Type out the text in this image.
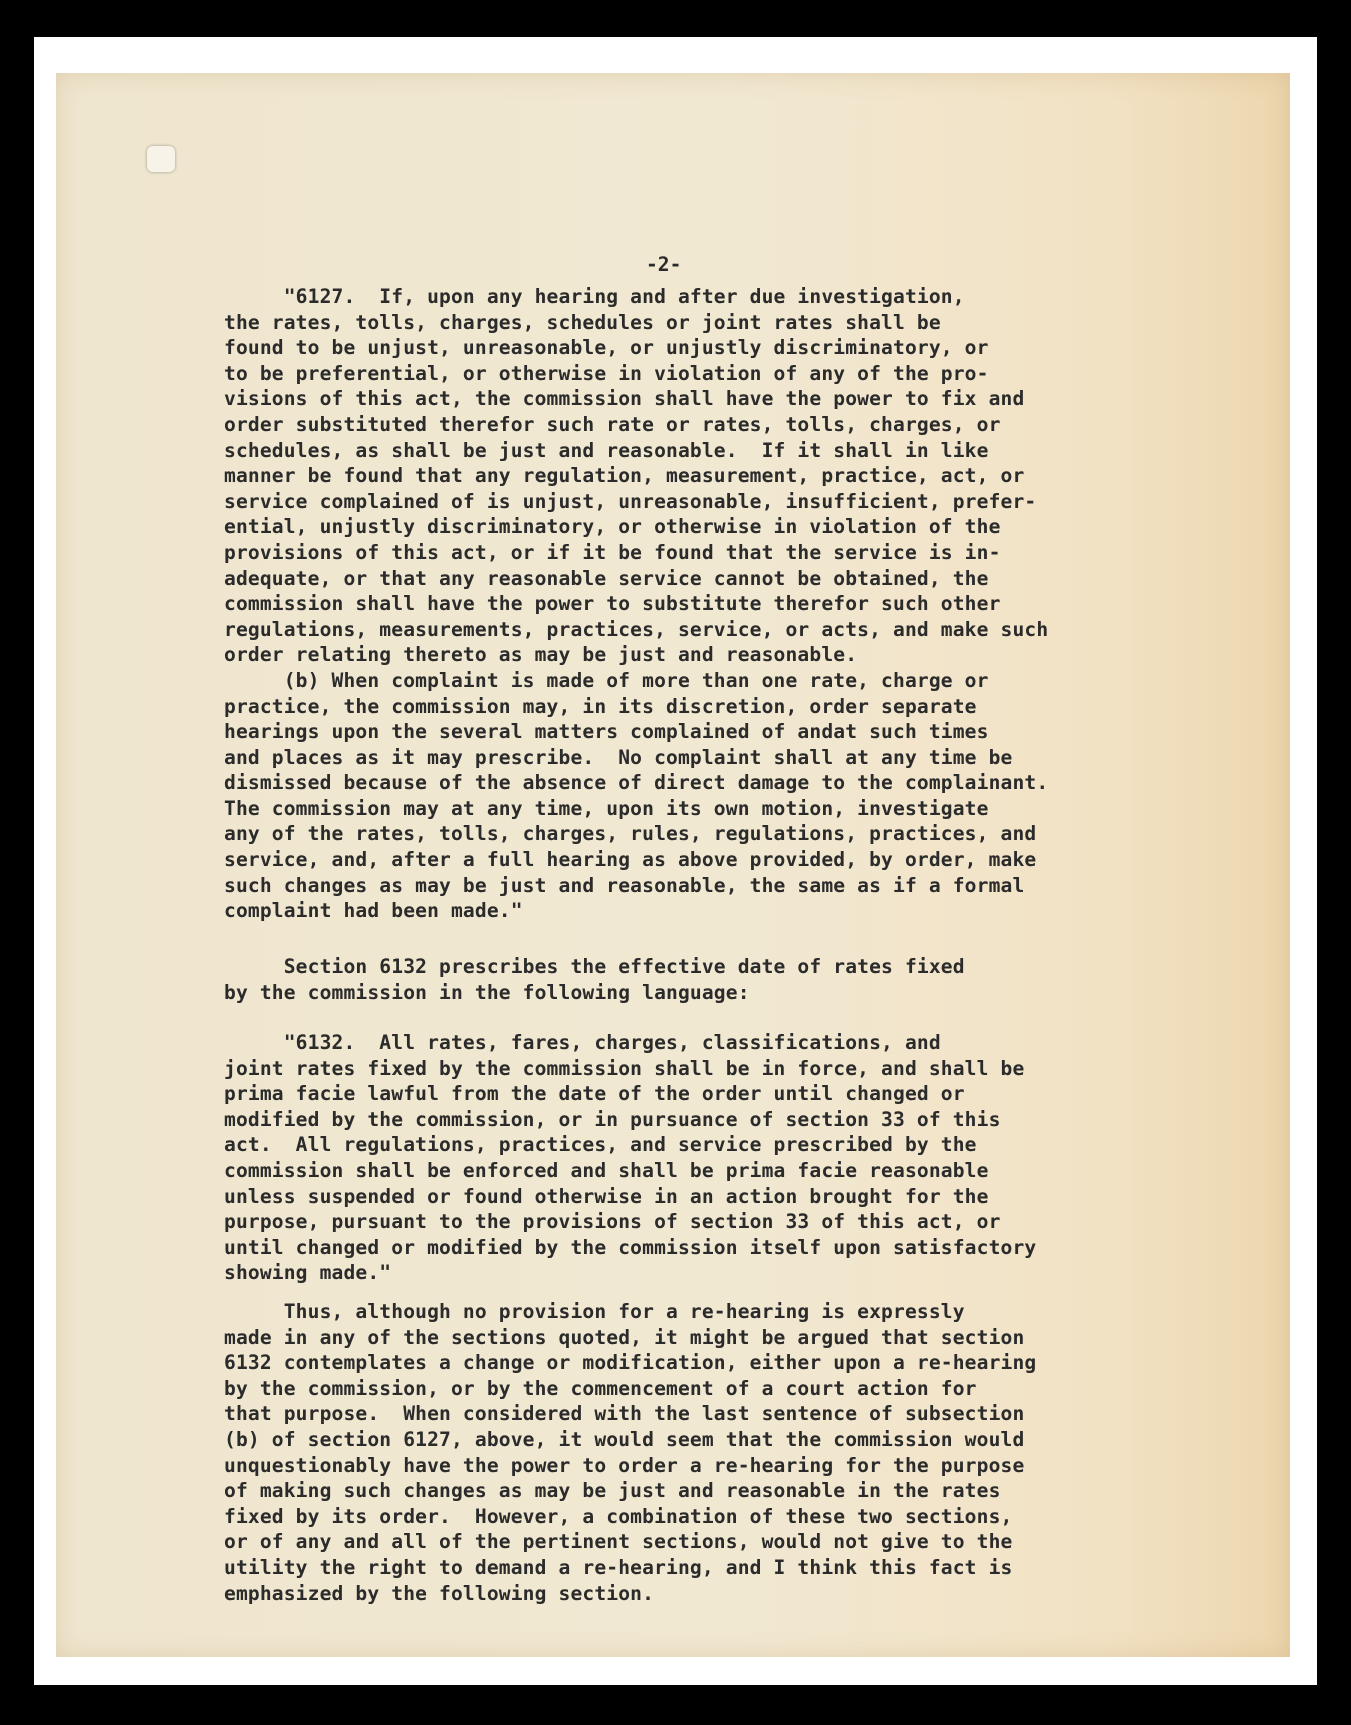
-2-

"6127.  If, upon any hearing and after due investigation,
the rates, tolls, charges, schedules or joint rates shall be
found to be unjust, unreasonable, or unjustly discriminatory, or
to be preferential, or otherwise in violation of any of the pro-
visions of this act, the commission shall have the power to fix and
order substituted therefor such rate or rates, tolls, charges, or
schedules, as shall be just and reasonable.  If it shall in like
manner be found that any regulation, measurement, practice, act, or
service complained of is unjust, unreasonable, insufficient, prefer-
ential, unjustly discriminatory, or otherwise in violation of the
provisions of this act, or if it be found that the service is in-
adequate, or that any reasonable service cannot be obtained, the
commission shall have the power to substitute therefor such other
regulations, measurements, practices, service, or acts, and make such
order relating thereto as may be just and reasonable.
(b) When complaint is made of more than one rate, charge or
practice, the commission may, in its discretion, order separate
hearings upon the several matters complained of andat such times
and places as it may prescribe.  No complaint shall at any time be
dismissed because of the absence of direct damage to the complainant.
The commission may at any time, upon its own motion, investigate
any of the rates, tolls, charges, rules, regulations, practices, and
service, and, after a full hearing as above provided, by order, make
such changes as may be just and reasonable, the same as if a formal
complaint had been made."

Section 6132 prescribes the effective date of rates fixed
by the commission in the following language:

"6132.  All rates, fares, charges, classifications, and
joint rates fixed by the commission shall be in force, and shall be
prima facie lawful from the date of the order until changed or
modified by the commission, or in pursuance of section 33 of this
act.  All regulations, practices, and service prescribed by the
commission shall be enforced and shall be prima facie reasonable
unless suspended or found otherwise in an action brought for the
purpose, pursuant to the provisions of section 33 of this act, or
until changed or modified by the commission itself upon satisfactory
showing made."

Thus, although no provision for a re-hearing is expressly
made in any of the sections quoted, it might be argued that section
6132 contemplates a change or modification, either upon a re-hearing
by the commission, or by the commencement of a court action for
that purpose.  When considered with the last sentence of subsection
(b) of section 6127, above, it would seem that the commission would
unquestionably have the power to order a re-hearing for the purpose
of making such changes as may be just and reasonable in the rates
fixed by its order.  However, a combination of these two sections,
or of any and all of the pertinent sections, would not give to the
utility the right to demand a re-hearing, and I think this fact is
emphasized by the following section.
